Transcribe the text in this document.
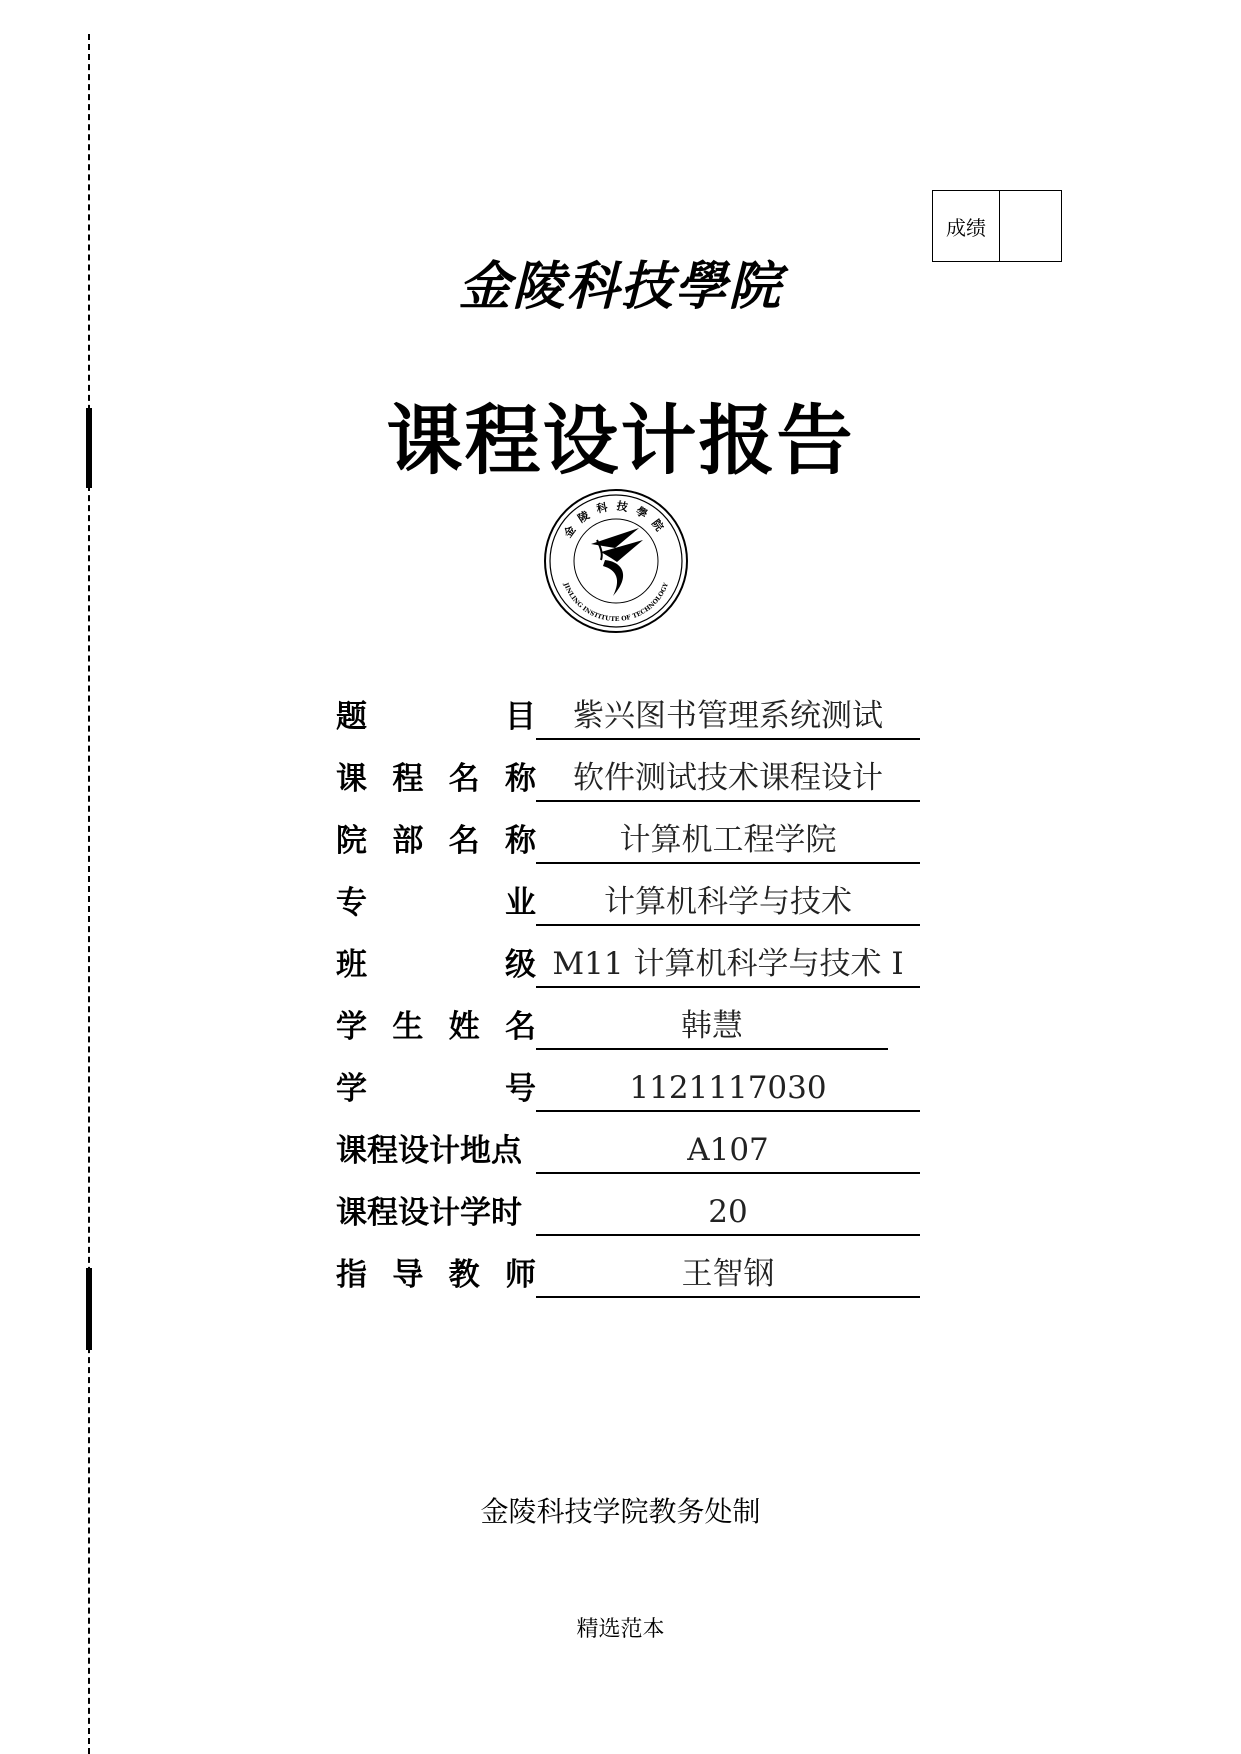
成绩
金陵科技學院
课程设计报告
金陵科技學院
JINLING INSTITUTE OF TECHNOLOGY
题	目	紫兴图书管理系统测试
课 程 名 称	软件测试技术课程设计
院 部 名 称	计算机工程学院
专	业	计算机科学与技术
班	级 M11 计算机科学与技术 I
学 生 姓 名	韩慧
学	号	1121117030
课程设计地点	A107
课程设计学时	20
指 导 教 师	王智钢
金陵科技学院教务处制
精选范本
